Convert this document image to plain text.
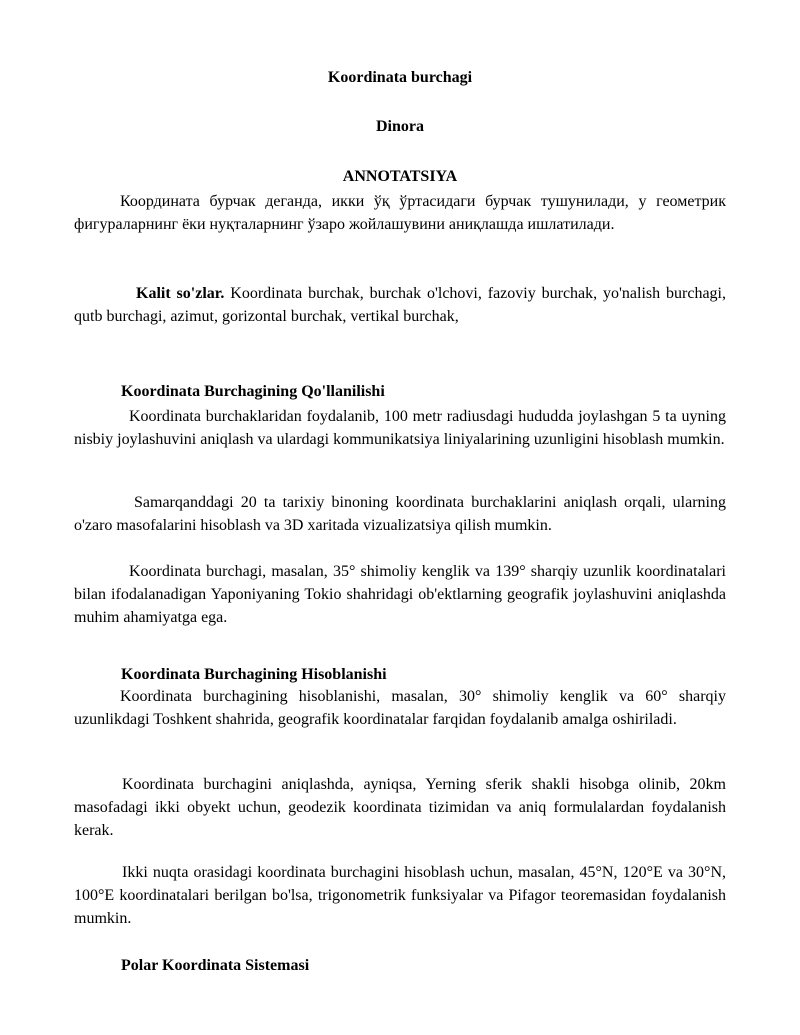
Koordinata burchagi
Dinora
ANNOTATSIYA

Координата бурчак деганда, икки ўқ ўртасидаги бурчак тушунилади, у геометрик фигураларнинг ёки нуқталарнинг ўзаро жойлашувини аниқлашда ишлатилади.

Kalit so'zlar. Koordinata burchak, burchak o'lchovi, fazoviy burchak, yo'nalish burchagi, qutb burchagi, azimut, gorizontal burchak, vertikal burchak,

Koordinata Burchagining Qo'llanilishi

Koordinata burchaklaridan foydalanib, 100 metr radiusdagi hududda joylashgan 5 ta uyning nisbiy joylashuvini aniqlash va ulardagi kommunikatsiya liniyalarining uzunligini hisoblash mumkin.

Samarqanddagi 20 ta tarixiy binoning koordinata burchaklarini aniqlash orqali, ularning o'zaro masofalarini hisoblash va 3D xaritada vizualizatsiya qilish mumkin.

Koordinata burchagi, masalan, 35° shimoliy kenglik va 139° sharqiy uzunlik koordinatalari bilan ifodalanadigan Yaponiyaning Tokio shahridagi ob'ektlarning geografik joylashuvini aniqlashda muhim ahamiyatga ega.

Koordinata Burchagining Hisoblanishi

Koordinata burchagining hisoblanishi, masalan, 30° shimoliy kenglik va 60° sharqiy uzunlikdagi Toshkent shahrida, geografik koordinatalar farqidan foydalanib amalga oshiriladi.

Koordinata burchagini aniqlashda, ayniqsa, Yerning sferik shakli hisobga olinib, 20km masofadagi ikki obyekt uchun, geodezik koordinata tizimidan va aniq formulalardan foydalanish kerak.

Ikki nuqta orasidagi koordinata burchagini hisoblash uchun, masalan, 45°N, 120°E va 30°N, 100°E koordinatalari berilgan bo'lsa, trigonometrik funksiyalar va Pifagor teoremasidan foydalanish mumkin.

Polar Koordinata Sistemasi
